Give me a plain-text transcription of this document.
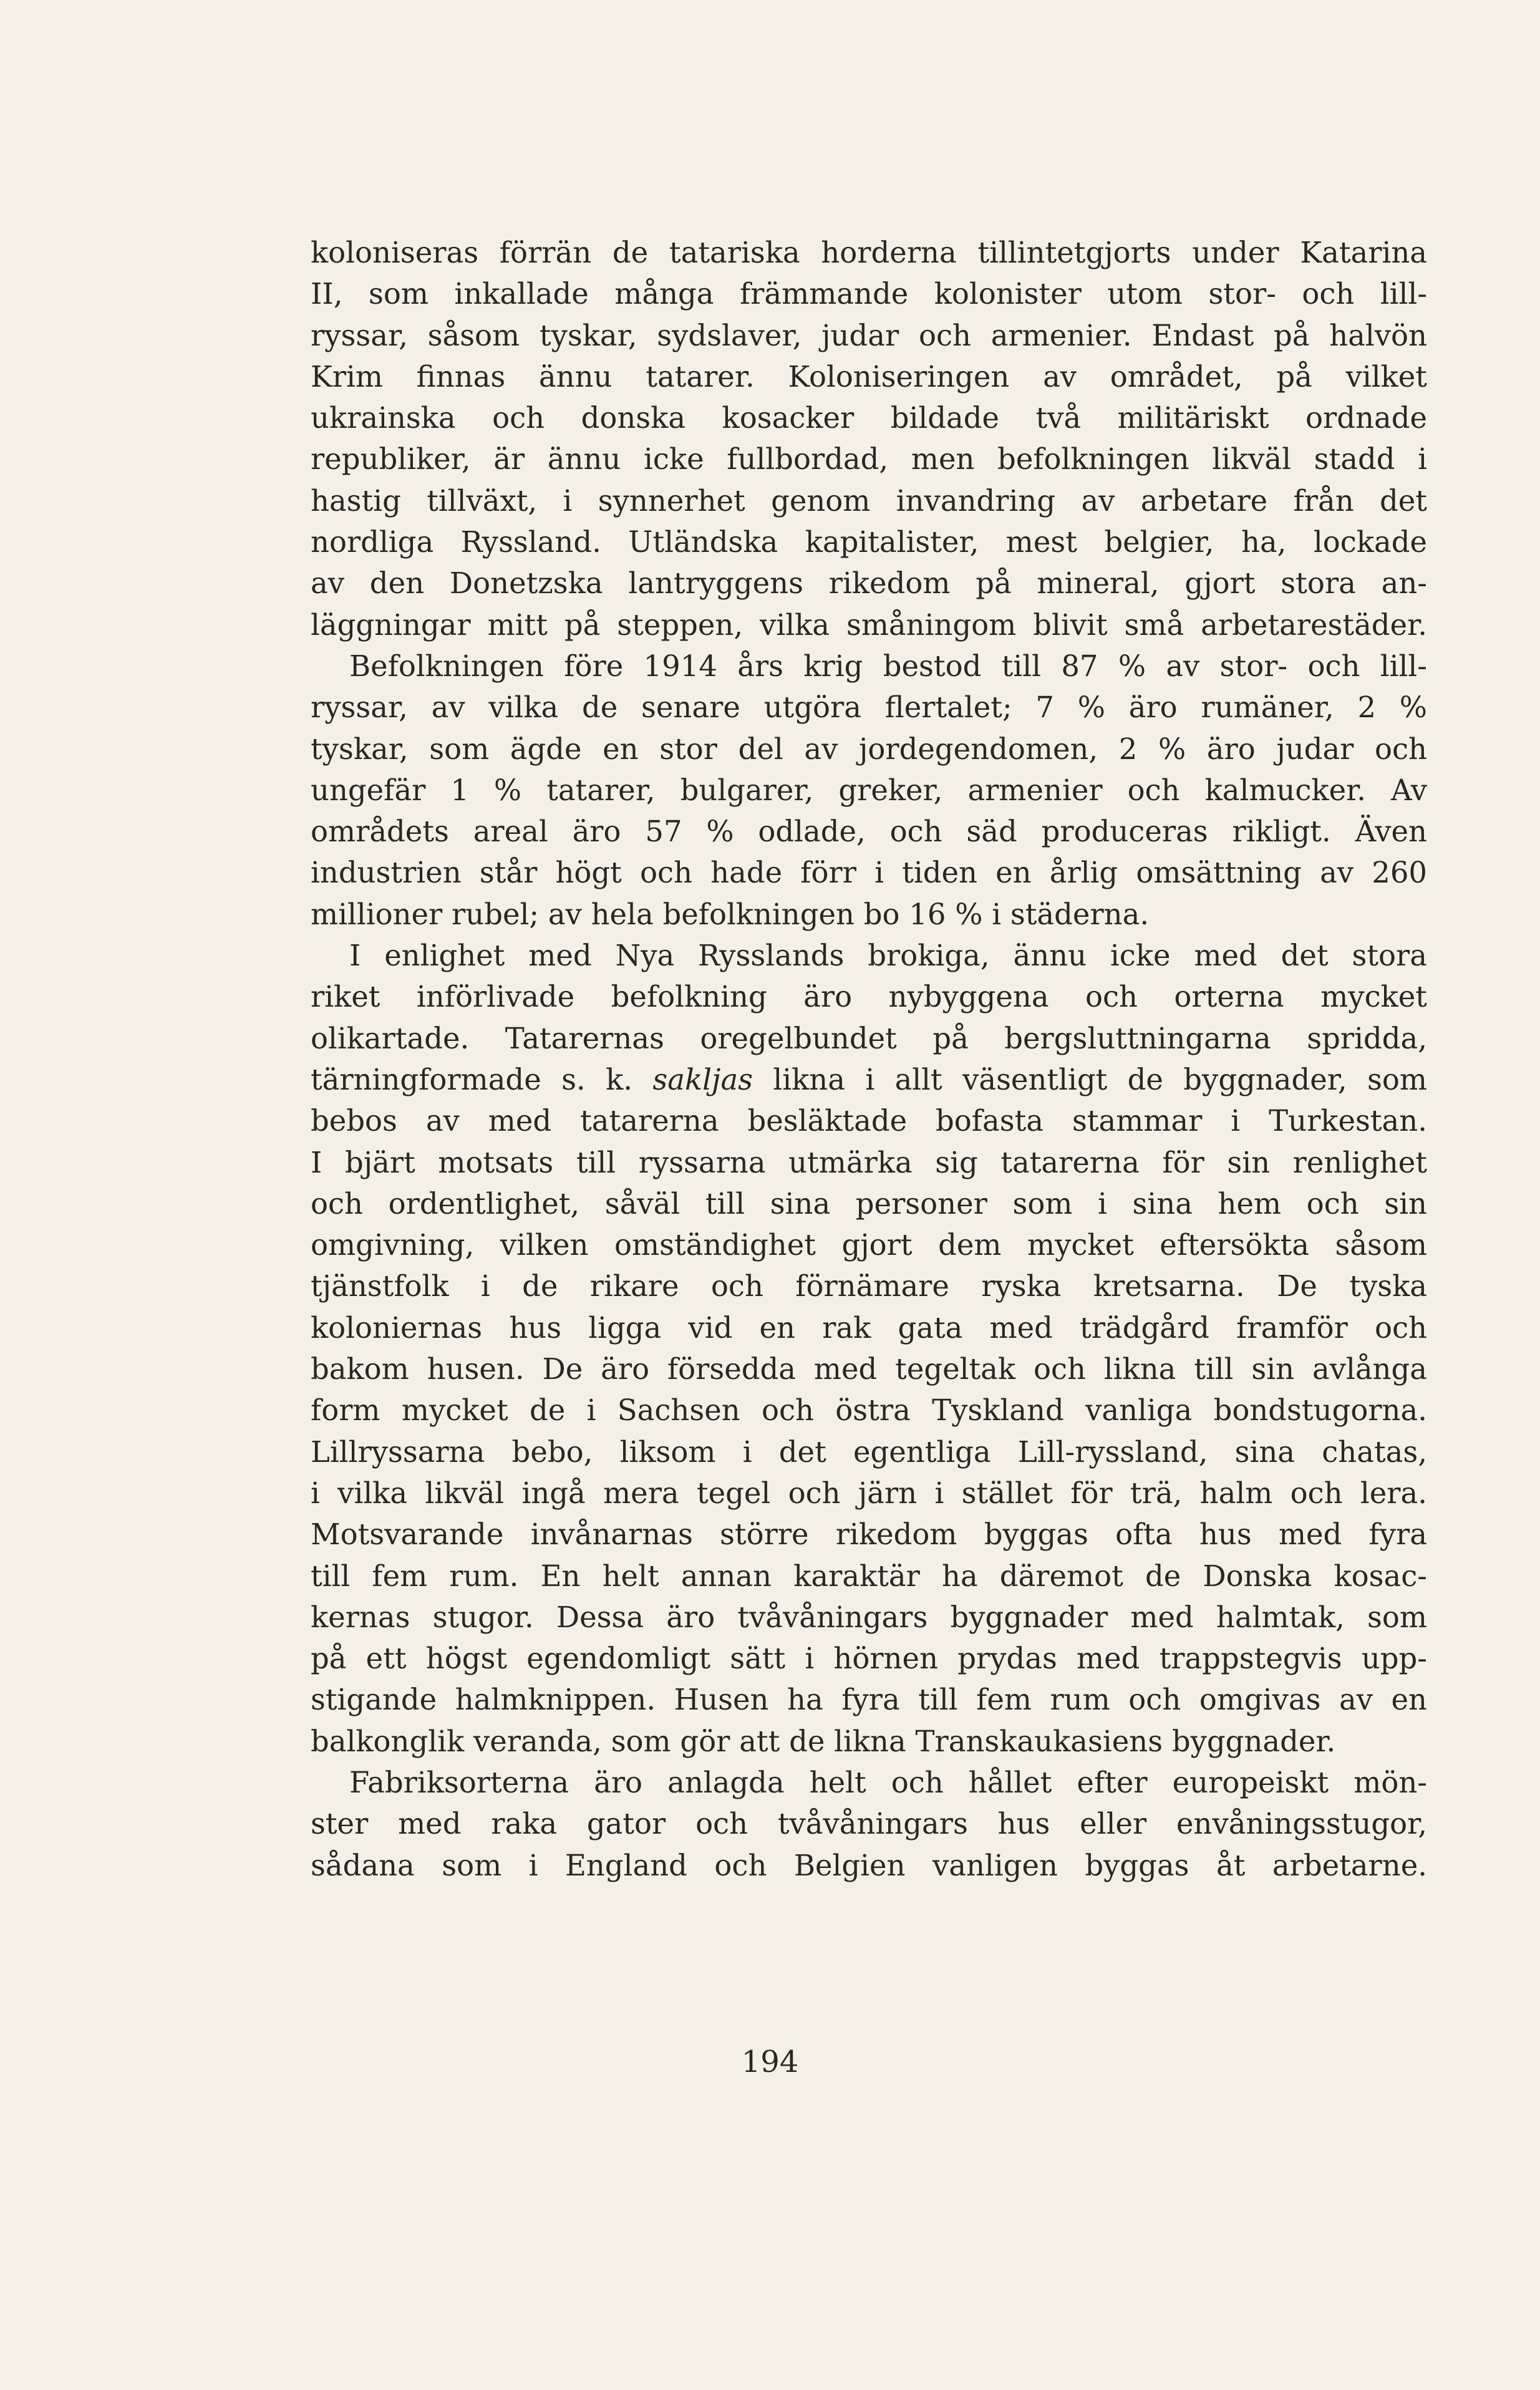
koloniseras förrän de tatariska horderna tillintetgjorts under Katarina
II, som inkallade många främmande kolonister utom stor- och lill-
ryssar, såsom tyskar, sydslaver, judar och armenier. Endast på halvön
Krim finnas ännu tatarer. Koloniseringen av området, på vilket
ukrainska och donska kosacker bildade två militäriskt ordnade
republiker, är ännu icke fullbordad, men befolkningen likväl stadd i
hastig tillväxt, i synnerhet genom invandring av arbetare från det
nordliga Ryssland. Utländska kapitalister, mest belgier, ha, lockade
av den Donetzska lantryggens rikedom på mineral, gjort stora an-
läggningar mitt på steppen, vilka småningom blivit små arbetarestäder.
Befolkningen före 1914 års krig bestod till 87 % av stor- och lill-
ryssar, av vilka de senare utgöra flertalet; 7 % äro rumäner, 2 %
tyskar, som ägde en stor del av jordegendomen, 2 % äro judar och
ungefär 1 % tatarer, bulgarer, greker, armenier och kalmucker. Av
områdets areal äro 57 % odlade, och säd produceras rikligt. Även
industrien står högt och hade förr i tiden en årlig omsättning av 260
millioner rubel; av hela befolkningen bo 16 % i städerna.
I enlighet med Nya Rysslands brokiga, ännu icke med det stora
riket införlivade befolkning äro nybyggena och orterna mycket
olikartade. Tatarernas oregelbundet på bergsluttningarna spridda,
tärningformade s. k. sakljas likna i allt väsentligt de byggnader, som
bebos av med tatarerna besläktade bofasta stammar i Turkestan.
I bjärt motsats till ryssarna utmärka sig tatarerna för sin renlighet
och ordentlighet, såväl till sina personer som i sina hem och sin
omgivning, vilken omständighet gjort dem mycket eftersökta såsom
tjänstfolk i de rikare och förnämare ryska kretsarna. De tyska
koloniernas hus ligga vid en rak gata med trädgård framför och
bakom husen. De äro försedda med tegeltak och likna till sin avlånga
form mycket de i Sachsen och östra Tyskland vanliga bondstugorna.
Lillryssarna bebo, liksom i det egentliga Lill-ryssland, sina chatas,
i vilka likväl ingå mera tegel och järn i stället för trä, halm och lera.
Motsvarande invånarnas större rikedom byggas ofta hus med fyra
till fem rum. En helt annan karaktär ha däremot de Donska kosac-
kernas stugor. Dessa äro tvåvåningars byggnader med halmtak, som
på ett högst egendomligt sätt i hörnen prydas med trappstegvis upp-
stigande halmknippen. Husen ha fyra till fem rum och omgivas av en
balkonglik veranda, som gör att de likna Transkaukasiens byggnader.
Fabriksorterna äro anlagda helt och hållet efter europeiskt mön-
ster med raka gator och tvåvåningars hus eller envåningsstugor,
sådana som i England och Belgien vanligen byggas åt arbetarne.
194
